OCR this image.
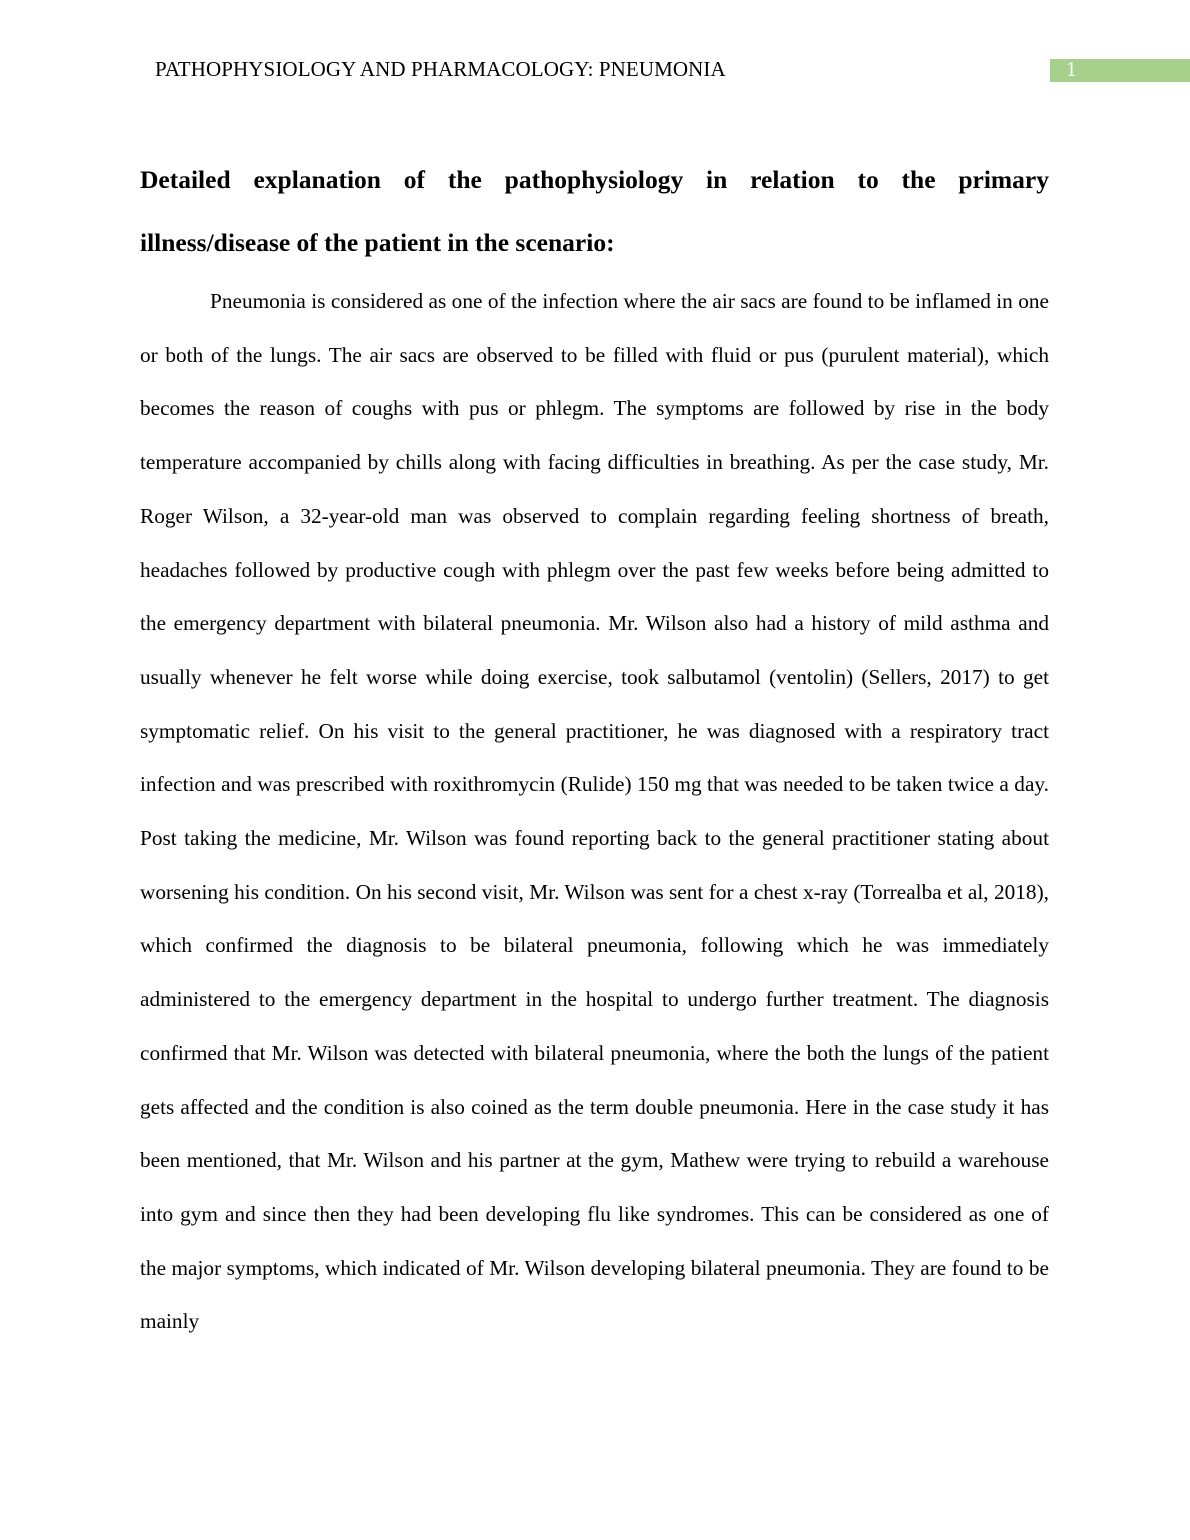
PATHOPHYSIOLOGY AND PHARMACOLOGY: PNEUMONIA	1
Detailed explanation of the pathophysiology in relation to the primary illness/disease of the patient in the scenario:

Pneumonia is considered as one of the infection where the air sacs are found to be inflamed in one or both of the lungs. The air sacs are observed to be filled with fluid or pus (purulent material), which becomes the reason of coughs with pus or phlegm. The symptoms are followed by rise in the body temperature accompanied by chills along with facing difficulties in breathing. As per the case study, Mr. Roger Wilson, a 32-year-old man was observed to complain regarding feeling shortness of breath, headaches followed by productive cough with phlegm over the past few weeks before being admitted to the emergency department with bilateral pneumonia. Mr. Wilson also had a history of mild asthma and usually whenever he felt worse while doing exercise, took salbutamol (ventolin) (Sellers, 2017) to get symptomatic relief. On his visit to the general practitioner, he was diagnosed with a respiratory tract infection and was prescribed with roxithromycin (Rulide) 150 mg that was needed to be taken twice a day. Post taking the medicine, Mr. Wilson was found reporting back to the general practitioner stating about worsening his condition. On his second visit, Mr. Wilson was sent for a chest x-ray (Torrealba et al, 2018), which confirmed the diagnosis to be bilateral pneumonia, following which he was immediately administered to the emergency department in the hospital to undergo further treatment. The diagnosis confirmed that Mr. Wilson was detected with bilateral pneumonia, where the both the lungs of the patient gets affected and the condition is also coined as the term double pneumonia. Here in the case study it has been mentioned, that Mr. Wilson and his partner at the gym, Mathew were trying to rebuild a warehouse into gym and since then they had been developing flu like syndromes. This can be considered as one of the major symptoms, which indicated of Mr. Wilson developing bilateral pneumonia. They are found to be mainly
